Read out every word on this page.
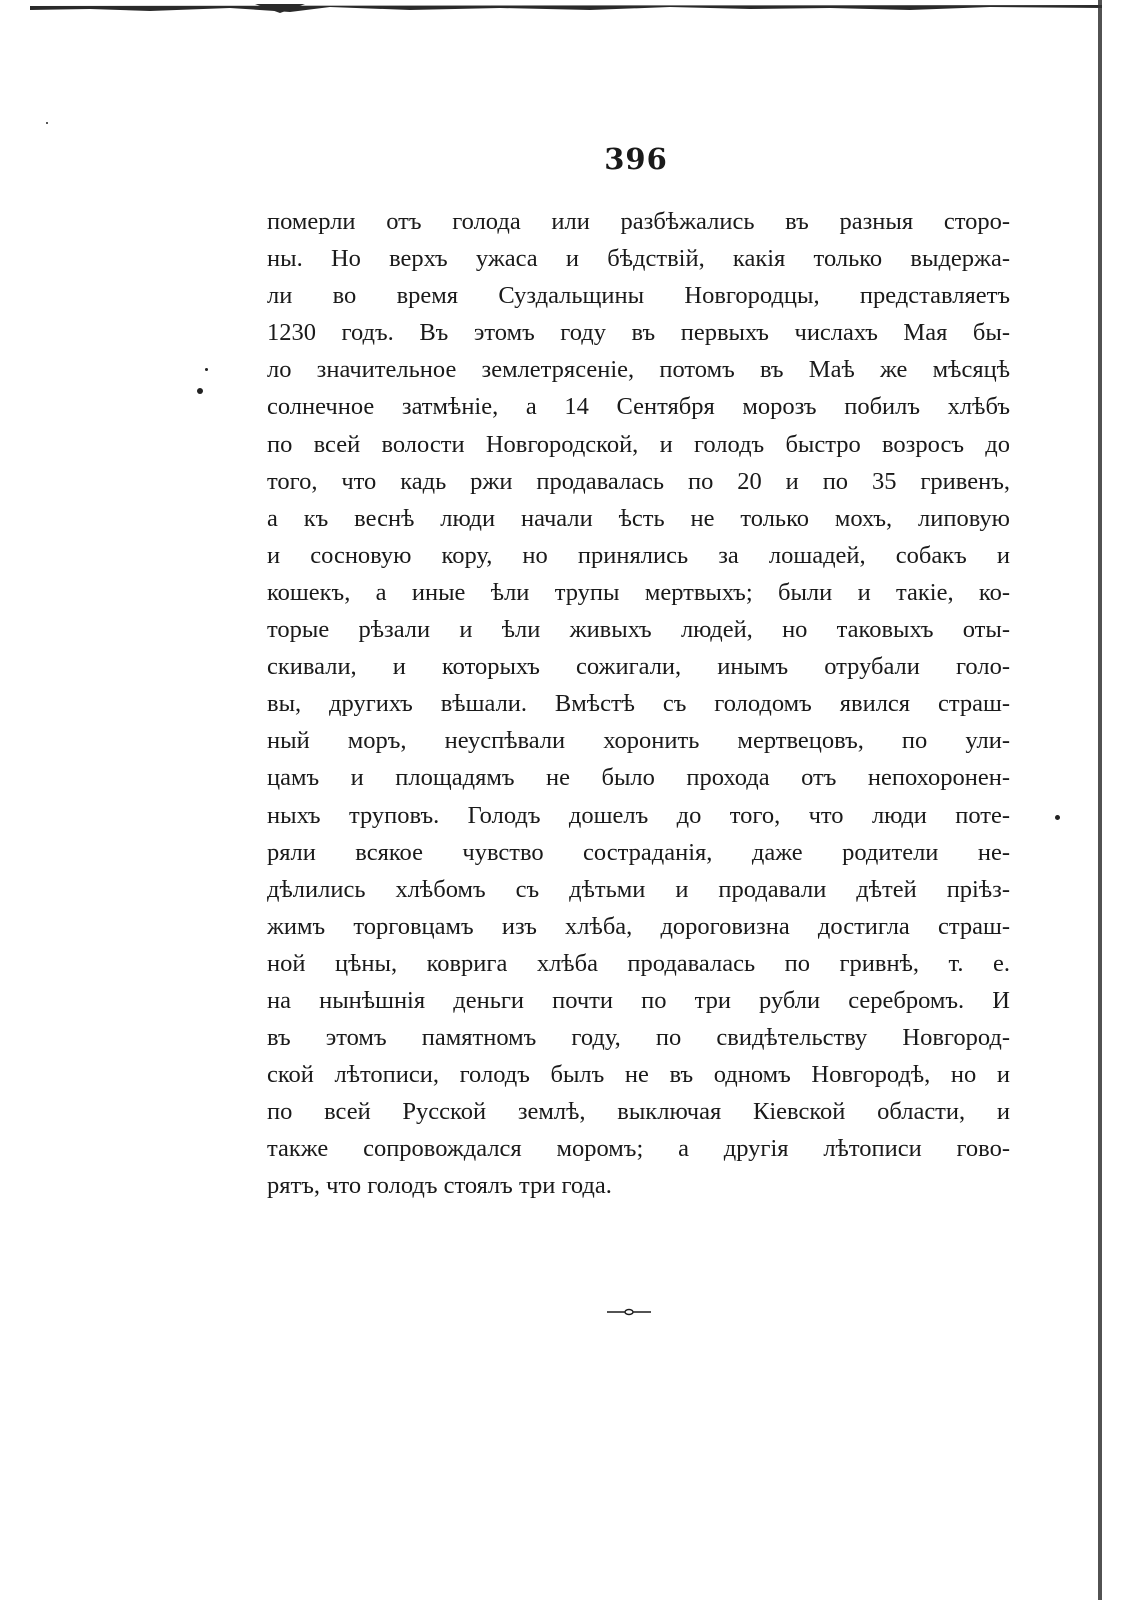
396
померли отъ голода или разбѣжались въ разныя сторо-
ны. Но верхъ ужаса и бѣдствій, какія только выдержа-
ли во время Суздальщины Новгородцы, представляетъ
1230 годъ. Въ этомъ году въ первыхъ числахъ Мая бы-
ло значительное землетрясеніе, потомъ въ Маѣ же мѣсяцѣ
солнечное затмѣніе, а 14 Сентября морозъ побилъ хлѣбъ
по всей волости Новгородской, и голодъ быстро возросъ до
того, что кадь ржи продавалась по 20 и по 35 гривенъ,
а къ веснѣ люди начали ѣсть не только мохъ, липовую
и сосновую кору, но принялись за лошадей, собакъ и
кошекъ, а иные ѣли трупы мертвыхъ; были и такіе, ко-
торые рѣзали и ѣли живыхъ людей, но таковыхъ оты-
скивали, и которыхъ сожигали, инымъ отрубали голо-
вы, другихъ вѣшали. Вмѣстѣ съ голодомъ явился страш-
ный моръ, неуспѣвали хоронить мертвецовъ, по ули-
цамъ и площадямъ не было прохода отъ непохоронен-
ныхъ труповъ. Голодъ дошелъ до того, что люди поте-
ряли всякое чувство состраданія, даже родители не-
дѣлились хлѣбомъ съ дѣтьми и продавали дѣтей пріѣз-
жимъ торговцамъ изъ хлѣба, дороговизна достигла страш-
ной цѣны, коврига хлѣба продавалась по гривнѣ, т. е.
на нынѣшнія деньги почти по три рубли серебромъ. И
въ этомъ памятномъ году, по свидѣтельству Новгород-
ской лѣтописи, голодъ былъ не въ одномъ Новгородѣ, но и
по всей Русской землѣ, выключая Кіевской области, и
также сопровождался моромъ; а другія лѣтописи гово-
рятъ, что голодъ стоялъ три года.
